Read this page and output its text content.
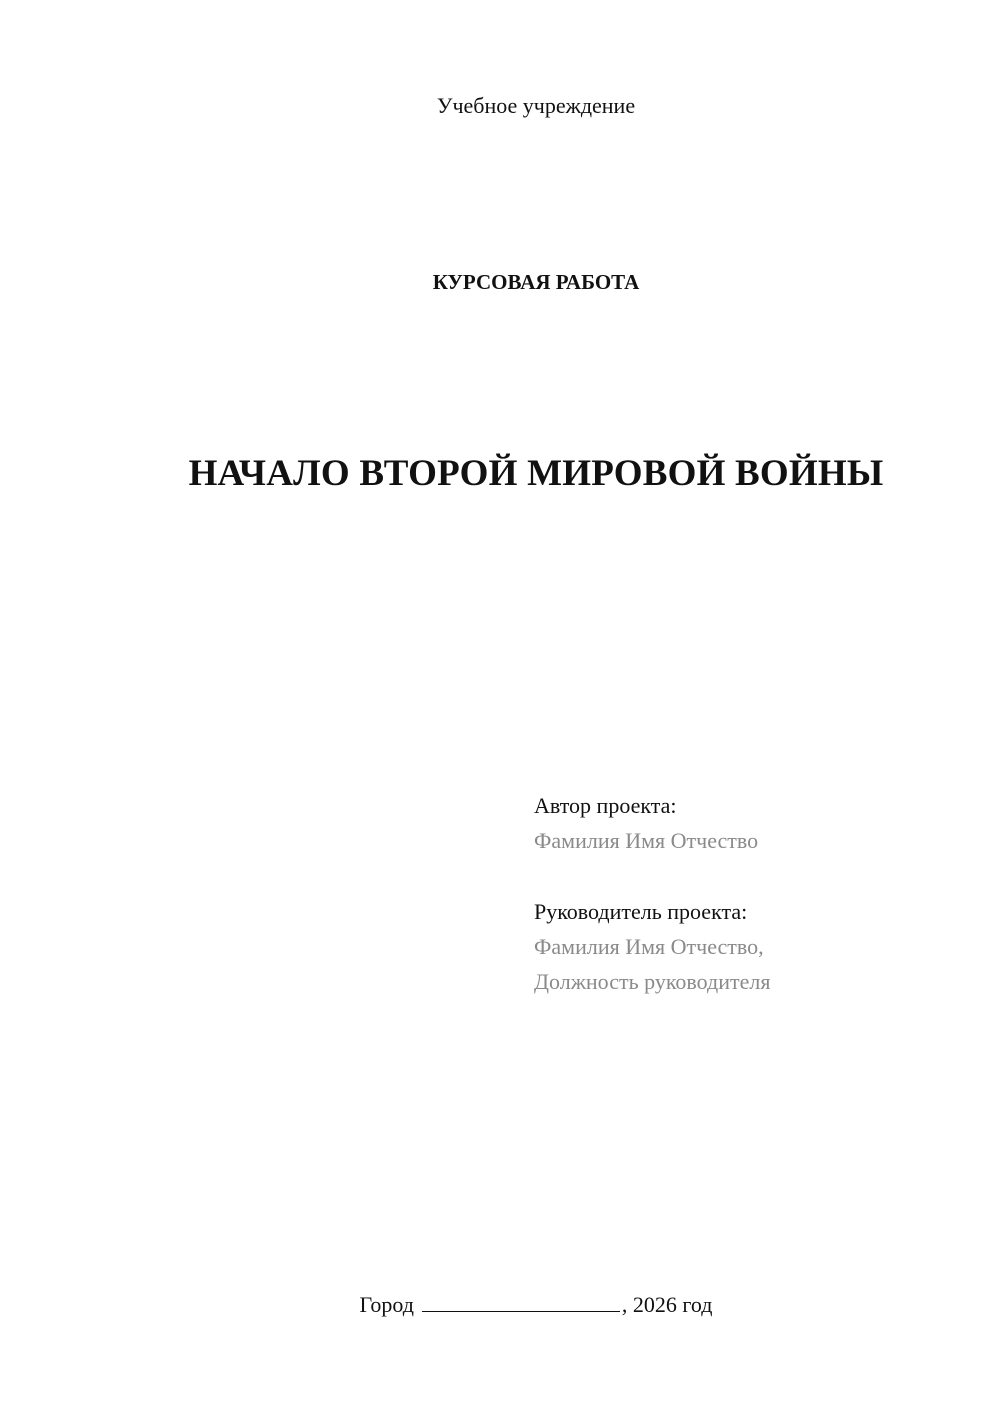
Учебное учреждение
КУРСОВАЯ РАБОТА
НАЧАЛО ВТОРОЙ МИРОВОЙ ВОЙНЫ
Автор проекта:
Фамилия Имя Отчество
Руководитель проекта:
Фамилия Имя Отчество,
Должность руководителя
Город	, 2026 год
